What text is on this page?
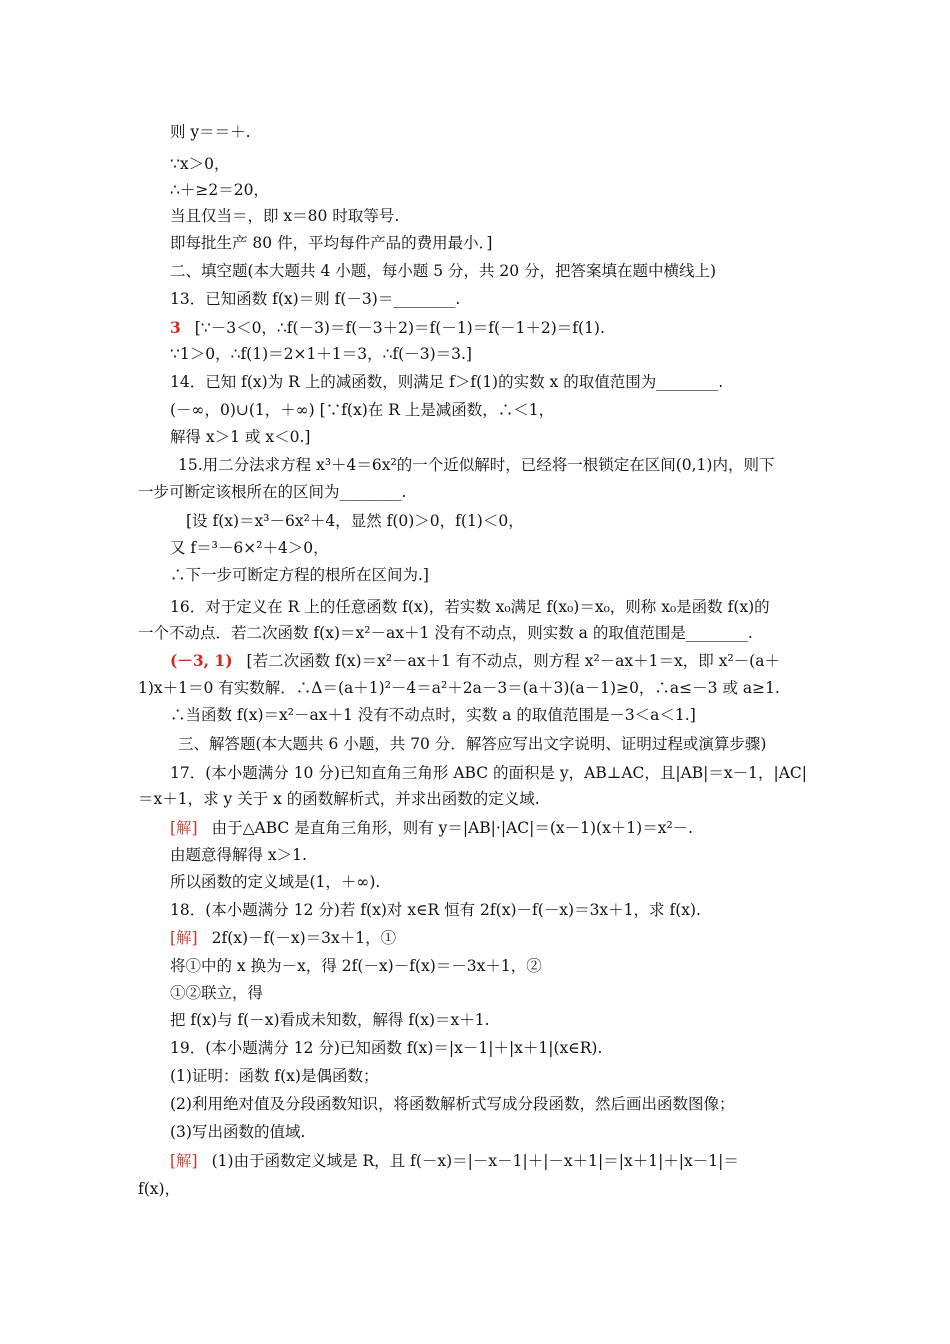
则 y＝＝＋.
∵x＞0，
∴＋≥2＝20，
当且仅当＝，即 x＝80 时取等号.
即每批生产 80 件，平均每件产品的费用最小．]
二、填空题(本大题共 4 小题，每小题 5 分，共 20 分，把答案填在题中横线上)
13．已知函数 f(x)＝则 f(－3)＝________.
3 [∵－3＜0，∴f(－3)＝f(－3＋2)＝f(－1)＝f(－1＋2)＝f(1).
∵1＞0，∴f(1)＝2×1＋1＝3，∴f(－3)＝3.]
14．已知 f(x)为 R 上的减函数，则满足 f＞f(1)的实数 x 的取值范围为________.
(－∞，0)∪(1，＋∞) [∵f(x)在 R 上是减函数，∴＜1，
解得 x＞1 或 x＜0.]
15.用二分法求方程 x³＋4＝6x²的一个近似解时，已经将一根锁定在区间(0,1)内，则下
一步可断定该根所在的区间为________.
[设 f(x)＝x³－6x²＋4，显然 f(0)＞0，f(1)＜0，
又 f＝³－6×²＋4＞0，
∴下一步可断定方程的根所在区间为.]
16．对于定义在 R 上的任意函数 f(x)，若实数 x₀满足 f(x₀)＝x₀，则称 x₀是函数 f(x)的
一个不动点．若二次函数 f(x)＝x²－ax＋1 没有不动点，则实数 a 的取值范围是________.
(－3, 1) [若二次函数 f(x)＝x²－ax＋1 有不动点，则方程 x²－ax＋1＝x，即 x²－(a＋
1)x＋1＝0 有实数解．∴Δ＝(a＋1)²－4＝a²＋2a－3＝(a＋3)(a－1)≥0，∴a≤－3 或 a≥1.
∴当函数 f(x)＝x²－ax＋1 没有不动点时，实数 a 的取值范围是－3＜a＜1.]
三、解答题(本大题共 6 小题，共 70 分．解答应写出文字说明、证明过程或演算步骤)
17．(本小题满分 10 分)已知直角三角形 ABC 的面积是 y，AB⊥AC，且|AB|＝x－1，|AC|
＝x＋1，求 y 关于 x 的函数解析式，并求出函数的定义域.
[解] 由于△ABC 是直角三角形，则有 y＝|AB|·|AC|＝(x－1)(x＋1)＝x²－.
由题意得解得 x＞1.
所以函数的定义域是(1，＋∞).
18．(本小题满分 12 分)若 f(x)对 x∈R 恒有 2f(x)－f(－x)＝3x＋1，求 f(x).
[解] 2f(x)－f(－x)＝3x＋1，①
将①中的 x 换为－x，得 2f(－x)－f(x)＝－3x＋1，②
①②联立，得
把 f(x)与 f(－x)看成未知数，解得 f(x)＝x＋1.
19．(本小题满分 12 分)已知函数 f(x)＝|x－1|＋|x＋1|(x∈R).
(1)证明：函数 f(x)是偶函数；
(2)利用绝对值及分段函数知识，将函数解析式写成分段函数，然后画出函数图像；
(3)写出函数的值域.
[解] (1)由于函数定义域是 R，且 f(－x)＝|－x－1|＋|－x＋1|＝|x＋1|＋|x－1|＝
f(x)，
